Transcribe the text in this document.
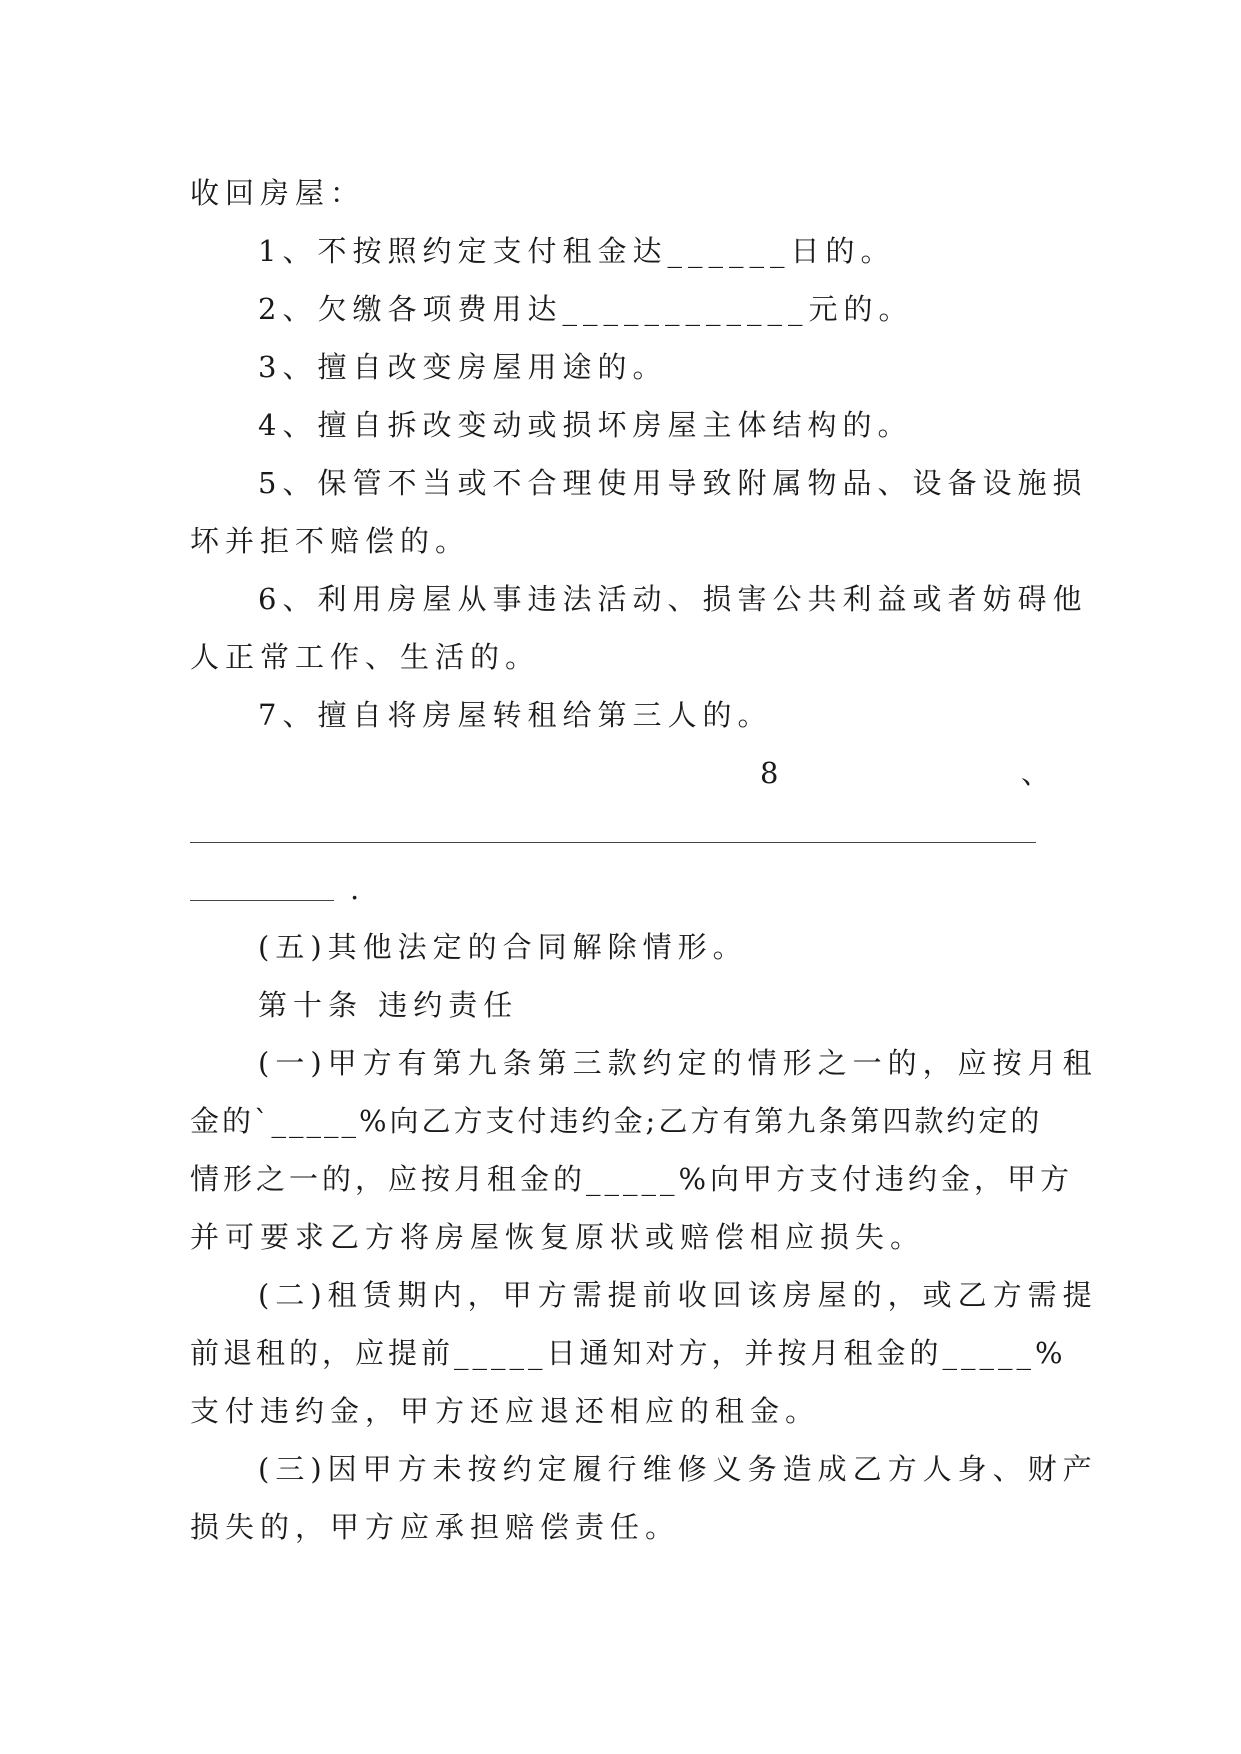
收回房屋：
1、不按照约定支付租金达______日的。
2、欠缴各项费用达____________元的。
3、擅自改变房屋用途的。
4、擅自拆改变动或损坏房屋主体结构的。
5、保管不当或不合理使用导致附属物品、设备设施损
坏并拒不赔偿的。
6、利用房屋从事违法活动、损害公共利益或者妨碍他
人正常工作、生活的。
7、擅自将房屋转租给第三人的。
8	、
.
(五)其他法定的合同解除情形。
第十条 违约责任
(一)甲方有第九条第三款约定的情形之一的，应按月租
金的`_____%向乙方支付违约金;乙方有第九条第四款约定的
情形之一的，应按月租金的_____%向甲方支付违约金，甲方
并可要求乙方将房屋恢复原状或赔偿相应损失。
(二)租赁期内，甲方需提前收回该房屋的，或乙方需提
前退租的，应提前_____日通知对方，并按月租金的_____%
支付违约金，甲方还应退还相应的租金。
(三)因甲方未按约定履行维修义务造成乙方人身、财产
损失的，甲方应承担赔偿责任。
